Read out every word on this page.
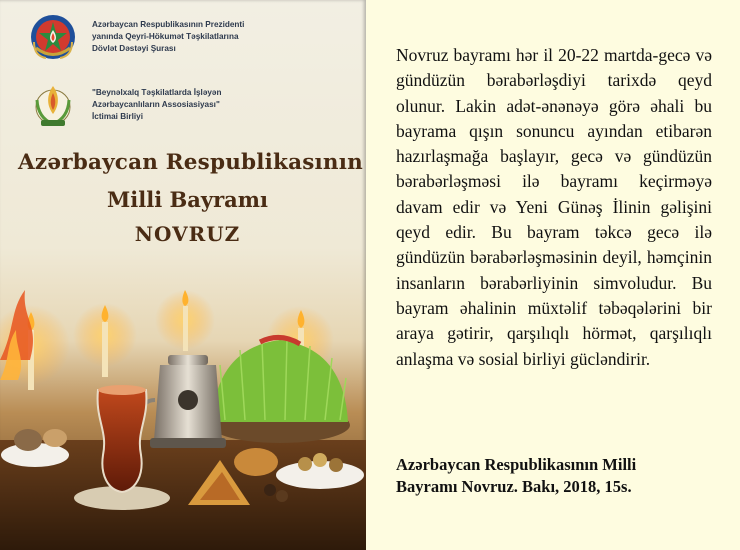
Azərbaycan Respublikasının Prezidenti
yanında Qeyri-Hökumət Təşkilatlarına
Dövlət Dəstəyi Şurası
"Beynəlxalq Təşkilatlarda İşləyən
Azərbaycanlıların Assosiasiyası"
İctimai Birliyi
Azərbaycan Respublikasının
Milli Bayramı
NOVRUZ

Novruz bayramı hər il 20-22 martda-gecə və gündüzün bərabərləşdiyi tarixdə qeyd olunur. Lakin adət-ənənəyə görə əhali bu bayrama qışın sonuncu ayından etibarən hazırlaşmağa başlayır, gecə və gündüzün bərabərləşməsi ilə bayramı keçirməyə davam edir və Yeni Günəş İlinin gəlişini qeyd edir. Bu bayram təkcə gecə ilə gündüzün bərabərləşməsinin deyil, həmçinin insanların bərabərliyinin simvoludur. Bu bayram əhalinin müxtəlif təbəqələrini bir araya gətirir, qarşılıqlı hörmət, qarşılıqlı anlaşma və sosial birliyi gücləndirir.

Azərbaycan Respublikasının Milli
Bayramı Novruz. Bakı, 2018, 15s.
